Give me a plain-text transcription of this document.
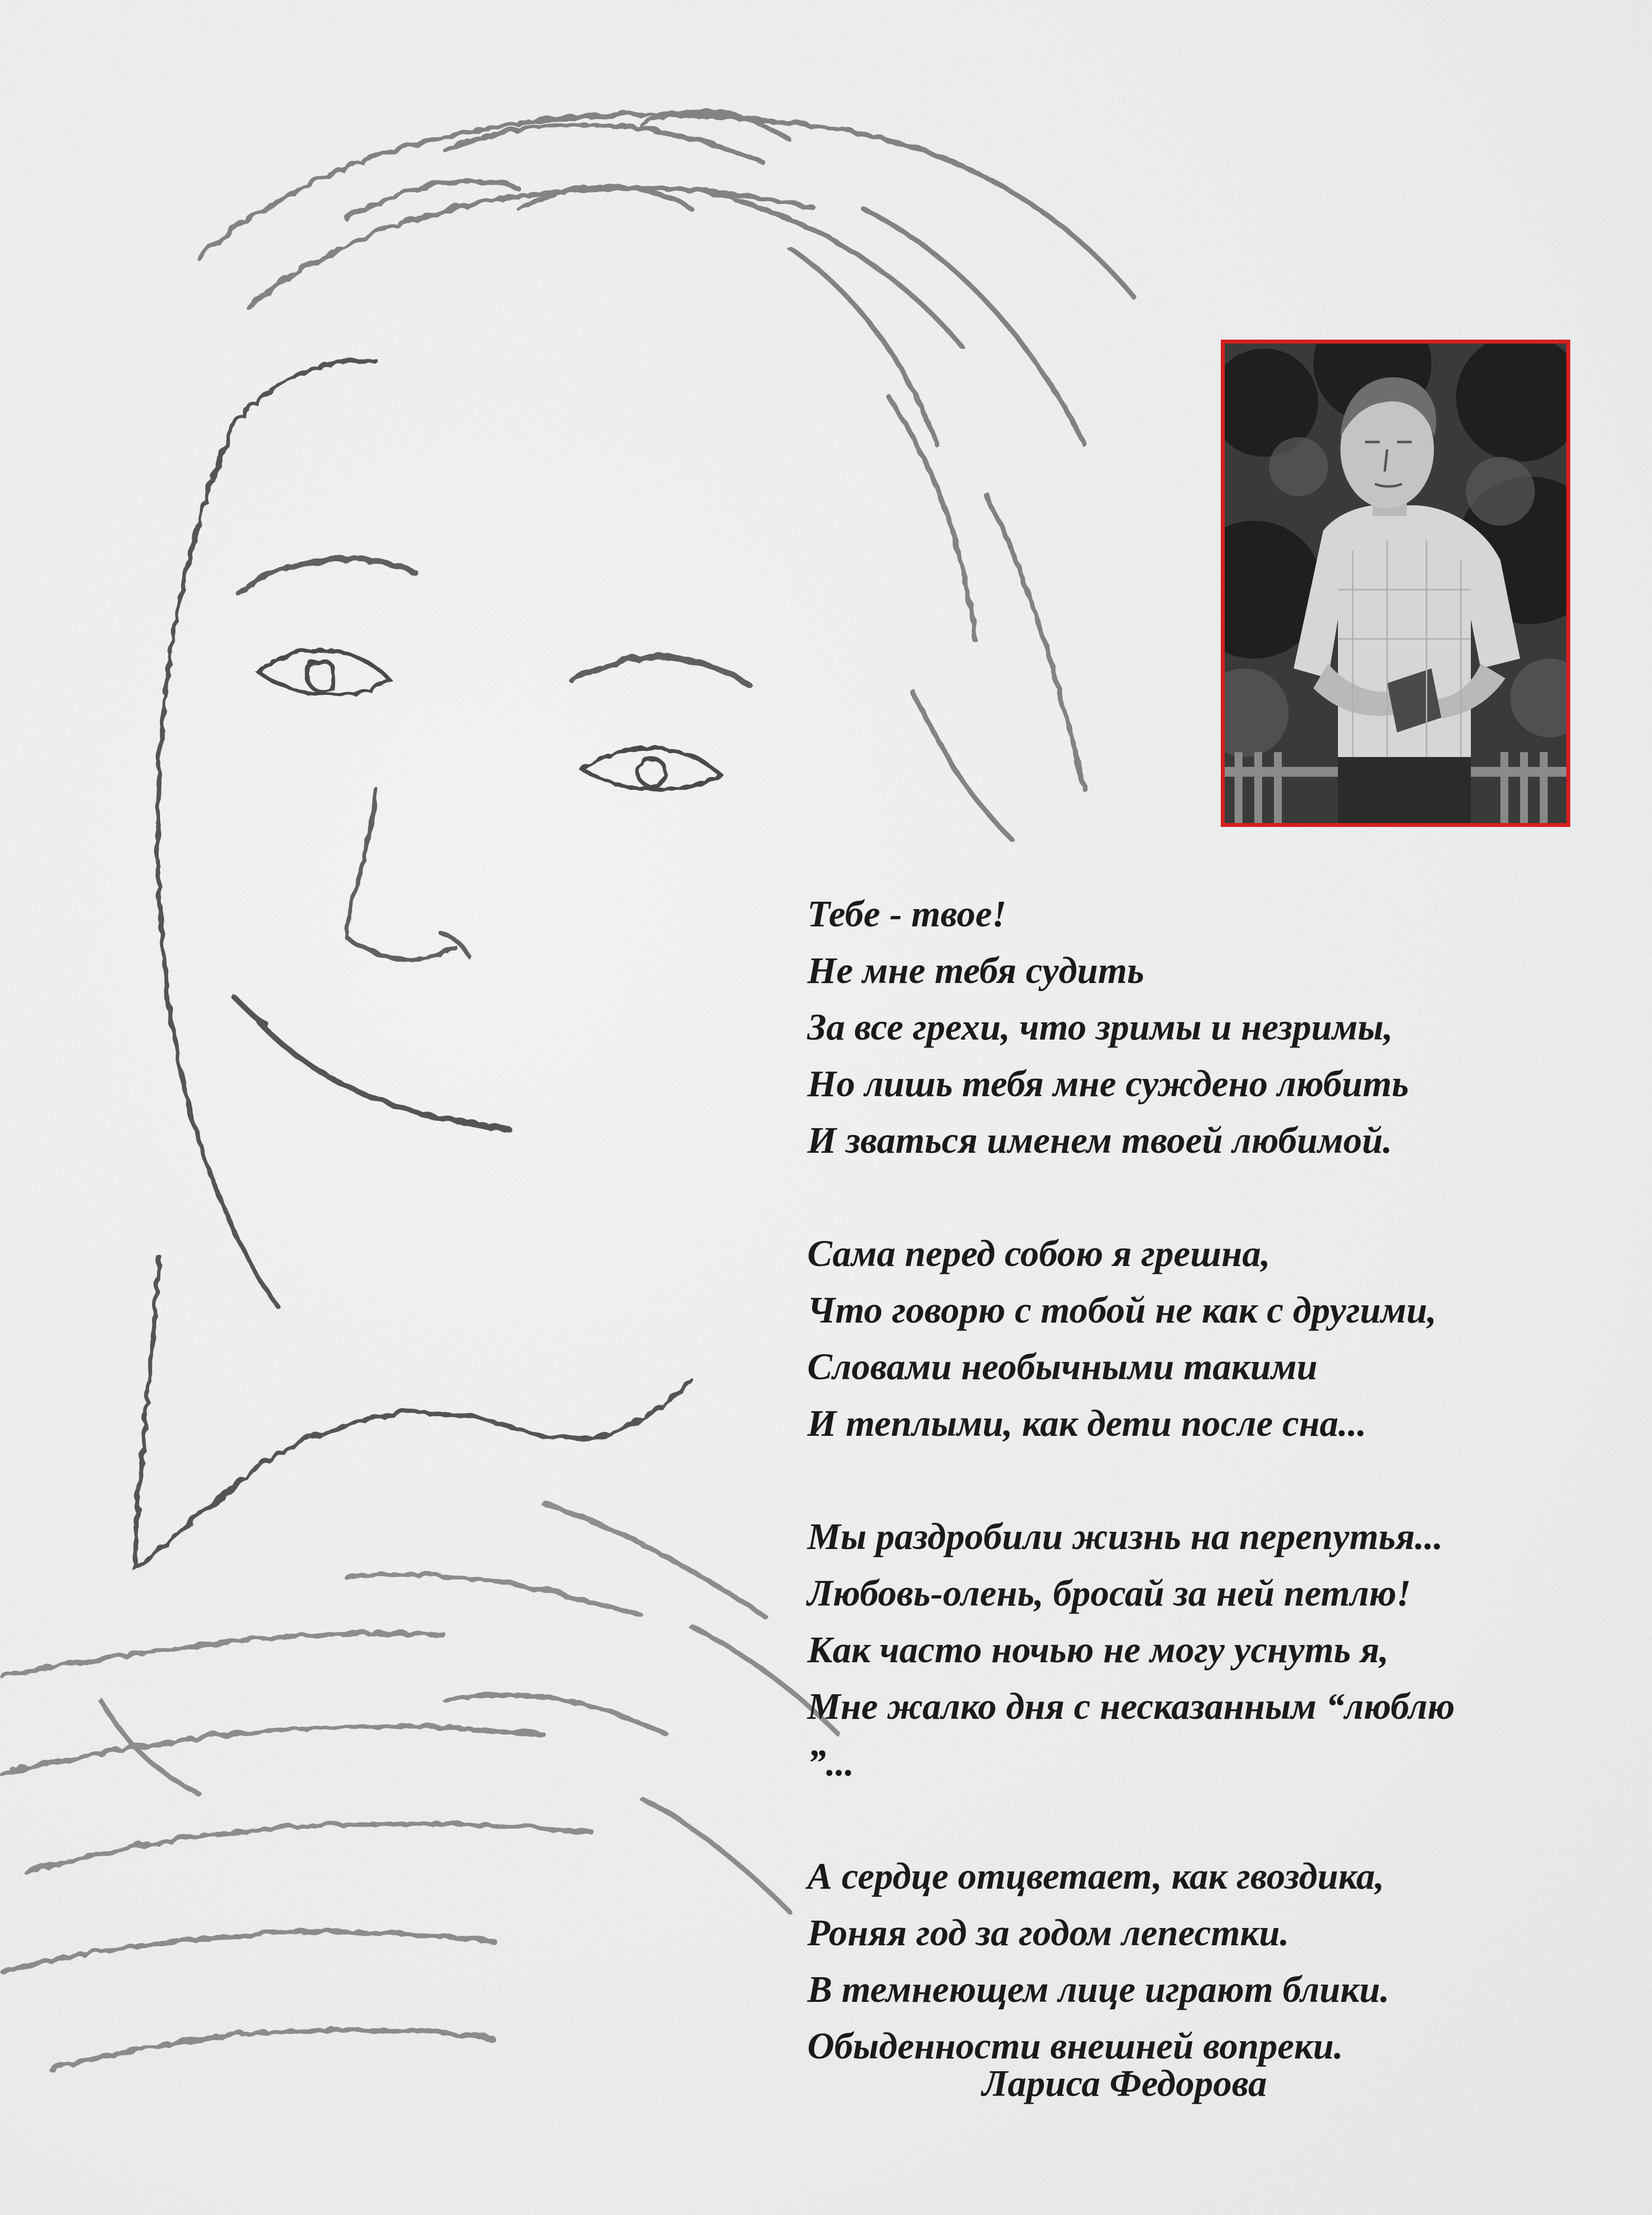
Тебе - твое!
Не мне тебя судить
За все грехи, что зримы и незримы,
Но лишь тебя мне суждено любить
И зваться именем твоей любимой.
Сама перед собою я грешна,
Что говорю с тобой не как с другими,
Словами необычными такими
И теплыми, как дети после сна...
Мы раздробили жизнь на перепутья...
Любовь-олень, бросай за ней петлю!
Как часто ночью не могу уснуть я,
Мне жалко дня с несказанным “люблю
”...
А сердце отцветает, как гвоздика,
Роняя год за годом лепестки.
В темнеющем лице играют блики.
Обыденности внешней вопреки.
Лариса Федорова
